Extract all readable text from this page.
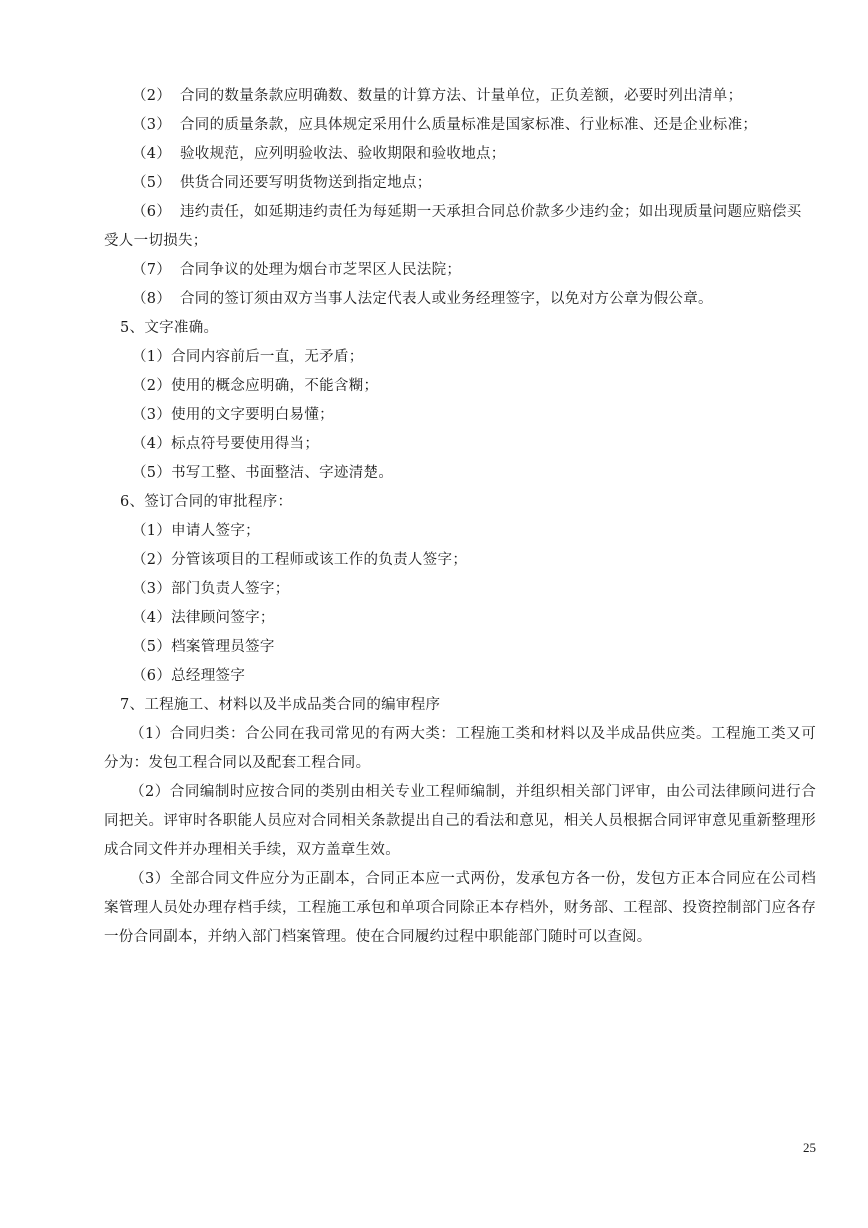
（2） 合同的数量条款应明确数、数量的计算方法、计量单位，正负差额，必要时列出清单；
（3） 合同的质量条款，应具体规定采用什么质量标准是国家标准、行业标准、还是企业标准；
（4） 验收规范，应列明验收法、验收期限和验收地点；
（5） 供货合同还要写明货物送到指定地点；
（6） 违约责任，如延期违约责任为每延期一天承担合同总价款多少违约金；如出现质量问题应赔偿买
受人一切损失；
（7） 合同争议的处理为烟台市芝罘区人民法院；
（8） 合同的签订须由双方当事人法定代表人或业务经理签字，以免对方公章为假公章。
5、文字准确。
（1）合同内容前后一直，无矛盾；
（2）使用的概念应明确，不能含糊；
（3）使用的文字要明白易懂；
（4）标点符号要使用得当；
（5）书写工整、书面整洁、字迹清楚。
6、签订合同的审批程序：
（1）申请人签字；
（2）分管该项目的工程师或该工作的负责人签字；
（3）部门负责人签字；
（4）法律顾问签字；
（5）档案管理员签字
（6）总经理签字
7、工程施工、材料以及半成品类合同的编审程序
（1）合同归类：合公同在我司常见的有两大类：工程施工类和材料以及半成品供应类。工程施工类又可分为：发包工程合同以及配套工程合同。
（2）合同编制时应按合同的类别由相关专业工程师编制，并组织相关部门评审，由公司法律顾问进行合同把关。评审时各职能人员应对合同相关条款提出自己的看法和意见，相关人员根据合同评审意见重新整理形成合同文件并办理相关手续，双方盖章生效。
（3）全部合同文件应分为正副本，合同正本应一式两份，发承包方各一份，发包方正本合同应在公司档案管理人员处办理存档手续，工程施工承包和单项合同除正本存档外，财务部、工程部、投资控制部门应各存一份合同副本，并纳入部门档案管理。使在合同履约过程中职能部门随时可以查阅。
25
